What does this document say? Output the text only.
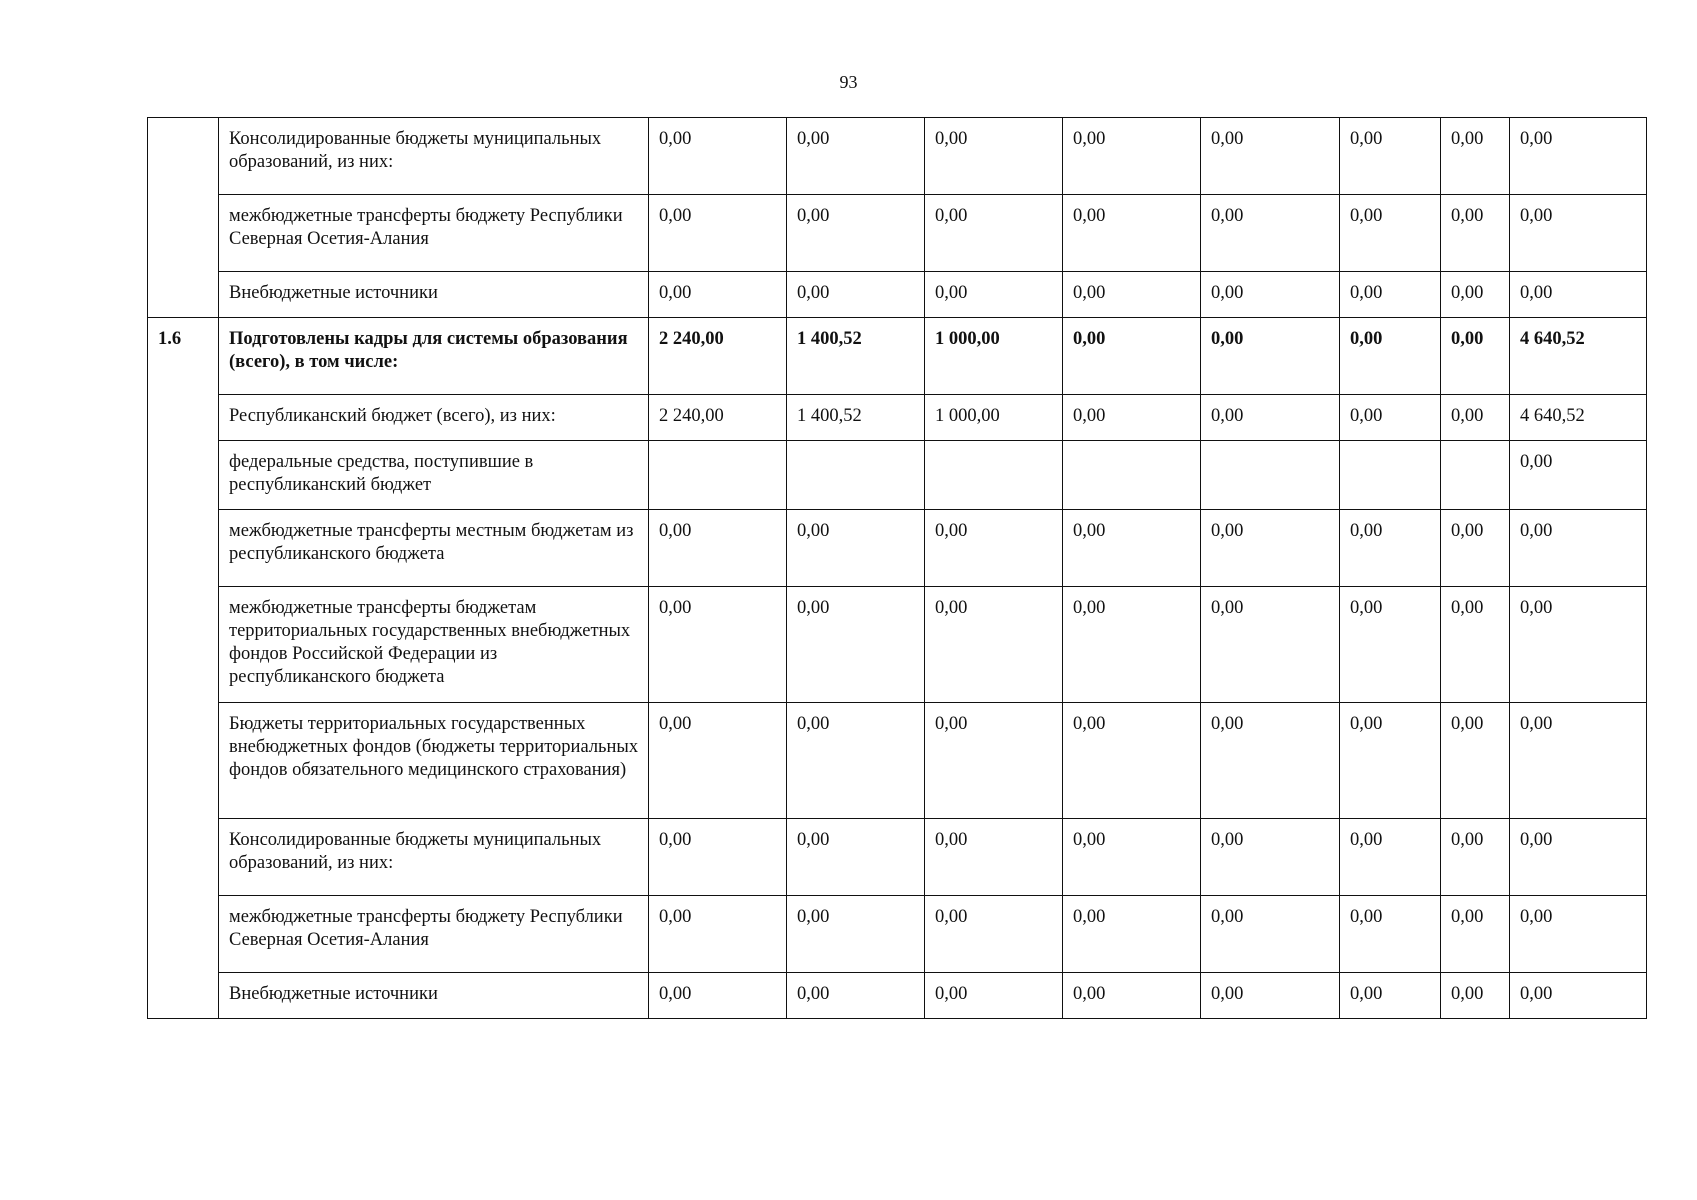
93
	Консолидированные бюджеты муниципальных образований, из них:	0,00	0,00	0,00	0,00	0,00	0,00	0,00	0,00
	межбюджетные трансферты бюджету Республики Северная Осетия-Алания	0,00	0,00	0,00	0,00	0,00	0,00	0,00	0,00
	Внебюджетные источники	0,00	0,00	0,00	0,00	0,00	0,00	0,00	0,00
1.6	Подготовлены кадры для системы образования (всего), в том числе:	2 240,00	1 400,52	1 000,00	0,00	0,00	0,00	0,00	4 640,52
	Республиканский бюджет (всего), из них:	2 240,00	1 400,52	1 000,00	0,00	0,00	0,00	0,00	4 640,52
	федеральные средства, поступившие в республиканский бюджет								0,00
	межбюджетные трансферты местным бюджетам из республиканского бюджета	0,00	0,00	0,00	0,00	0,00	0,00	0,00	0,00
	межбюджетные трансферты бюджетам территориальных государственных внебюджетных фондов Российской Федерации из республиканского бюджета	0,00	0,00	0,00	0,00	0,00	0,00	0,00	0,00
	Бюджеты территориальных государственных внебюджетных фондов (бюджеты территориальных фондов обязательного медицинского страхования)	0,00	0,00	0,00	0,00	0,00	0,00	0,00	0,00
	Консолидированные бюджеты муниципальных образований, из них:	0,00	0,00	0,00	0,00	0,00	0,00	0,00	0,00
	межбюджетные трансферты бюджету Республики Северная Осетия-Алания	0,00	0,00	0,00	0,00	0,00	0,00	0,00	0,00
	Внебюджетные источники	0,00	0,00	0,00	0,00	0,00	0,00	0,00	0,00
